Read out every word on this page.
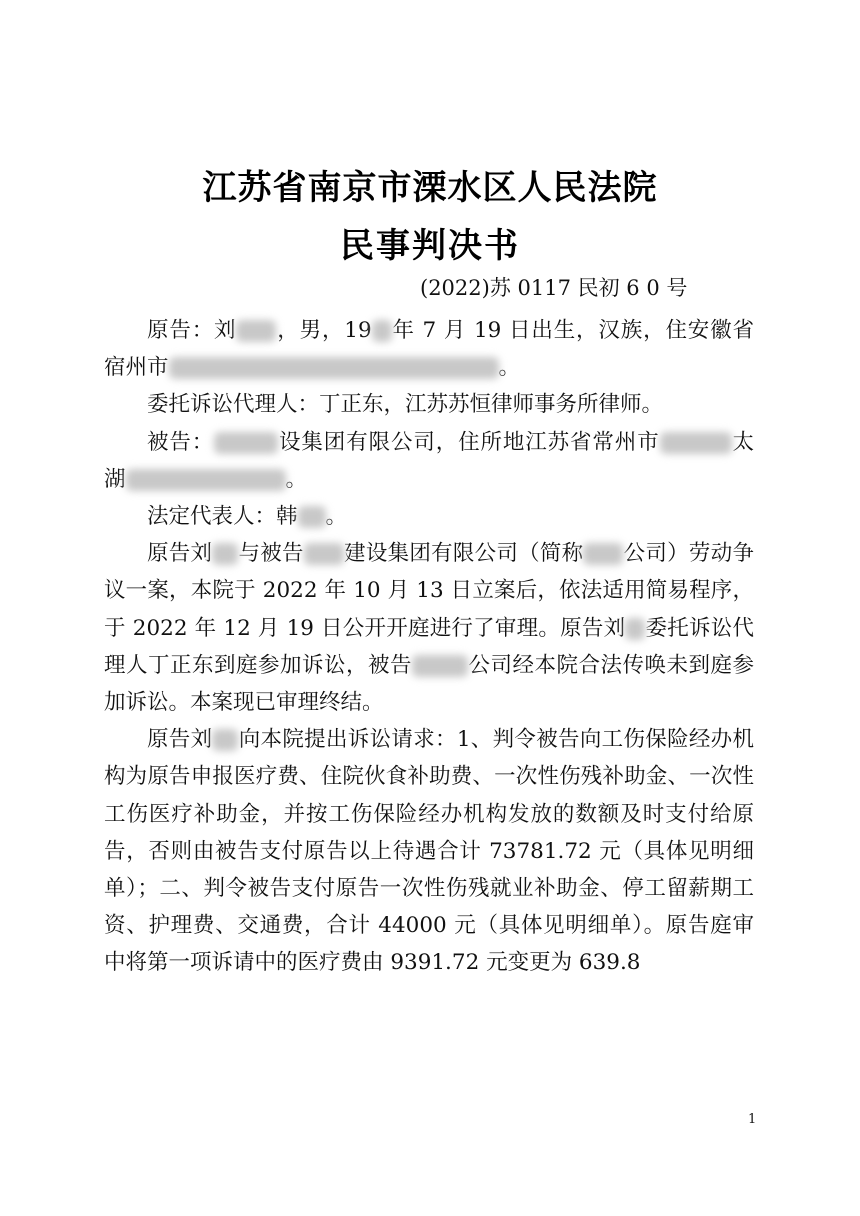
江苏省南京市溧水区人民法院
民事判决书
(2022)苏 0117 民初 6 0 号

原告：刘 ，男，19 年 7 月 19 日出生，汉族，住安徽省宿州市	。

委托诉讼代理人：丁正东，江苏苏恒律师事务所律师。

被告：	设集团有限公司，住所地江苏省常州市	太湖	。

法定代表人：韩 。

原告刘 与被告 建设集团有限公司（简称 公司）劳动争议一案，本院于 2022 年 10 月 13 日立案后，依法适用简易程序，于 2022 年 12 月 19 日公开开庭进行了审理。原告刘 委托诉讼代理人丁正东到庭参加诉讼，被告	公司经本院合法传唤未到庭参加诉讼。本案现已审理终结。

原告刘 向本院提出诉讼请求：1、判令被告向工伤保险经办机构为原告申报医疗费、住院伙食补助费、一次性伤残补助金、一次性工伤医疗补助金，并按工伤保险经办机构发放的数额及时支付给原告，否则由被告支付原告以上待遇合计 73781.72 元（具体见明细单）；二、判令被告支付原告一次性伤残就业补助金、停工留薪期工资、护理费、交通费，合计 44000 元（具体见明细单）。原告庭审中将第一项诉请中的医疗费由 9391.72 元变更为 639.8

1
